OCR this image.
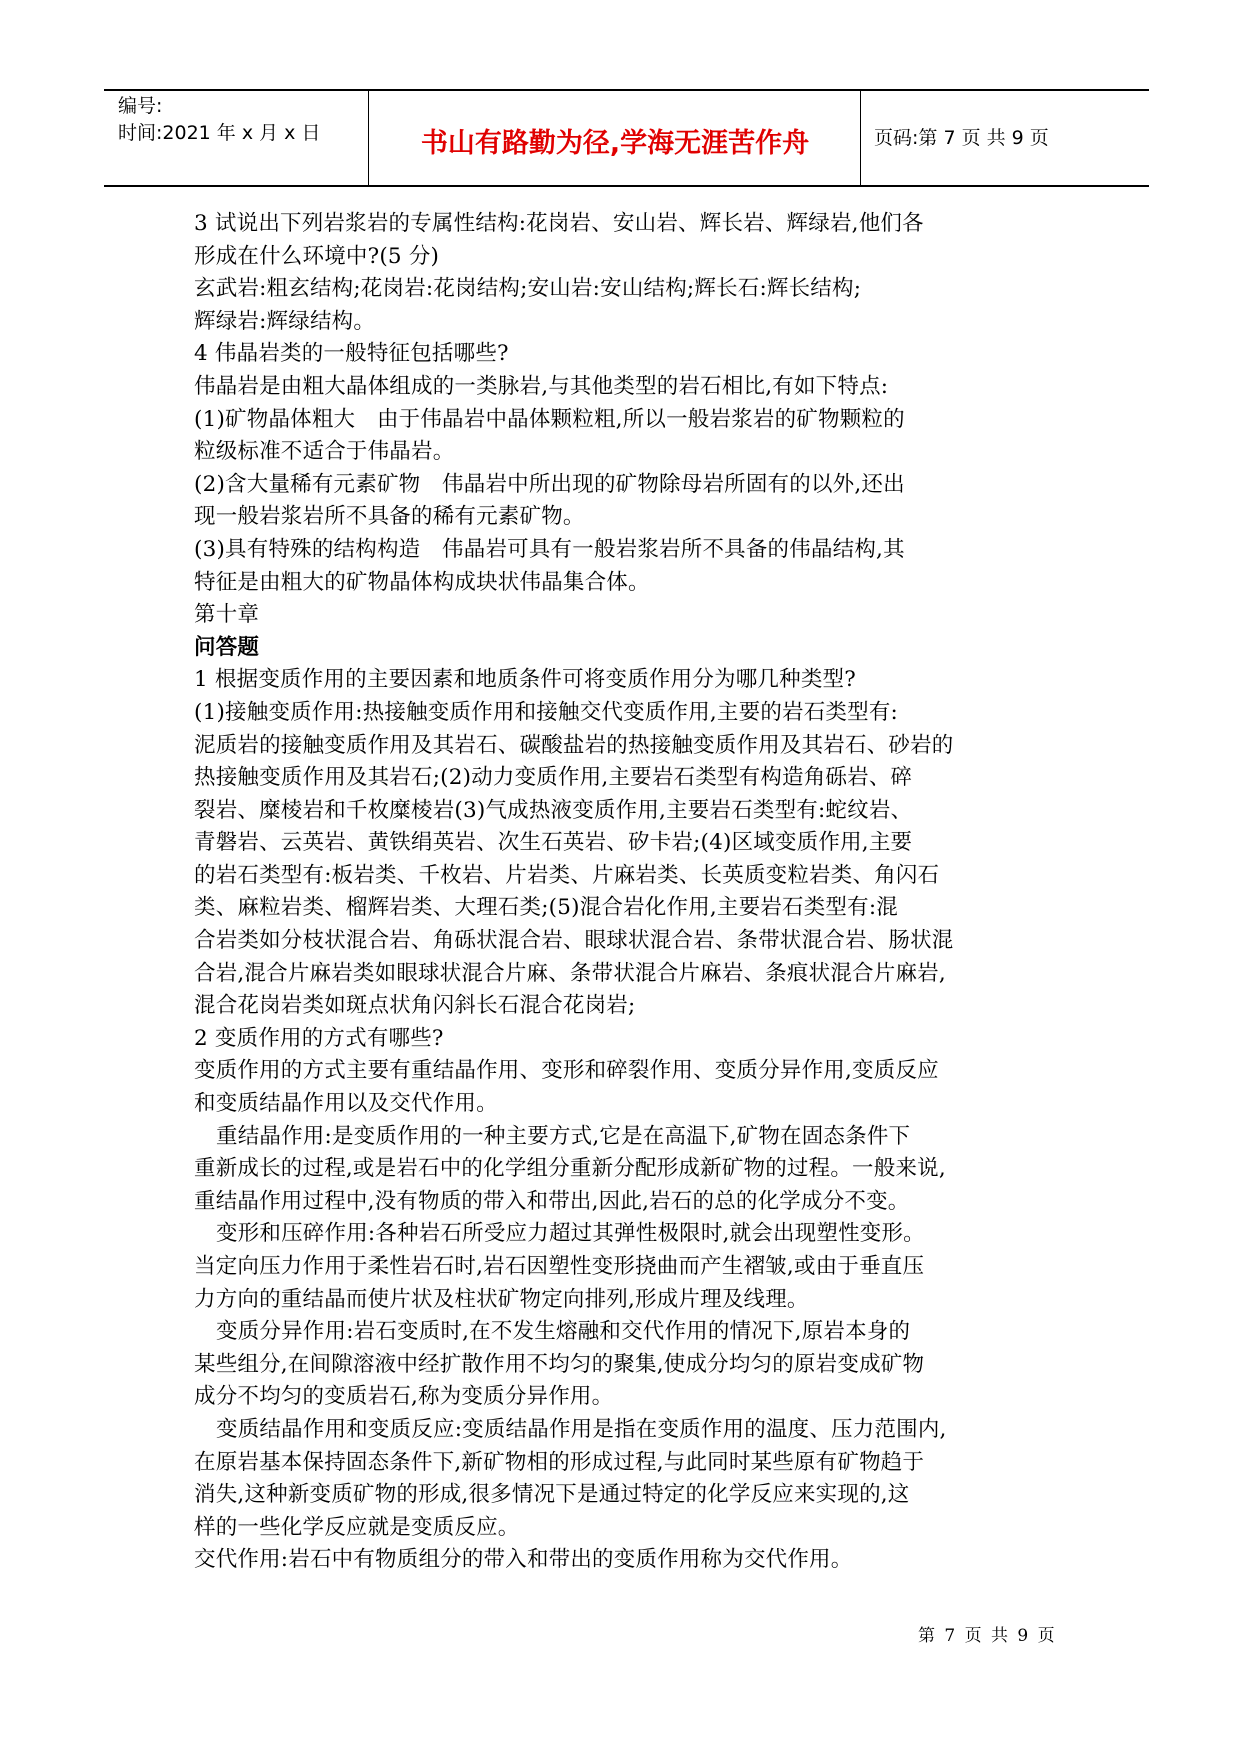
编号:
时间:2021 年 x 月 x 日	书山有路勤为径,学海无涯苦作舟	页码:第 7 页 共 9 页

3 试说出下列岩浆岩的专属性结构:花岗岩、安山岩、辉长岩、辉绿岩,他们各

形成在什么环境中?(5 分)

玄武岩:粗玄结构;花岗岩:花岗结构;安山岩:安山结构;辉长石:辉长结构;

辉绿岩:辉绿结构。

4 伟晶岩类的一般特征包括哪些?

伟晶岩是由粗大晶体组成的一类脉岩,与其他类型的岩石相比,有如下特点:

(1)矿物晶体粗大　由于伟晶岩中晶体颗粒粗,所以一般岩浆岩的矿物颗粒的

粒级标准不适合于伟晶岩。

(2)含大量稀有元素矿物　伟晶岩中所出现的矿物除母岩所固有的以外,还出

现一般岩浆岩所不具备的稀有元素矿物。

(3)具有特殊的结构构造　伟晶岩可具有一般岩浆岩所不具备的伟晶结构,其

特征是由粗大的矿物晶体构成块状伟晶集合体。

第十章

问答题

1 根据变质作用的主要因素和地质条件可将变质作用分为哪几种类型?

(1)接触变质作用:热接触变质作用和接触交代变质作用,主要的岩石类型有:

泥质岩的接触变质作用及其岩石、碳酸盐岩的热接触变质作用及其岩石、砂岩的

热接触变质作用及其岩石;(2)动力变质作用,主要岩石类型有构造角砾岩、碎

裂岩、糜棱岩和千枚糜棱岩(3)气成热液变质作用,主要岩石类型有:蛇纹岩、

青磐岩、云英岩、黄铁绢英岩、次生石英岩、矽卡岩;(4)区域变质作用,主要

的岩石类型有:板岩类、千枚岩、片岩类、片麻岩类、长英质变粒岩类、角闪石

类、麻粒岩类、榴辉岩类、大理石类;(5)混合岩化作用,主要岩石类型有:混

合岩类如分枝状混合岩、角砾状混合岩、眼球状混合岩、条带状混合岩、肠状混

合岩,混合片麻岩类如眼球状混合片麻、条带状混合片麻岩、条痕状混合片麻岩,

混合花岗岩类如斑点状角闪斜长石混合花岗岩;

2 变质作用的方式有哪些?

变质作用的方式主要有重结晶作用、变形和碎裂作用、变质分异作用,变质反应

和变质结晶作用以及交代作用。

重结晶作用:是变质作用的一种主要方式,它是在高温下,矿物在固态条件下

重新成长的过程,或是岩石中的化学组分重新分配形成新矿物的过程。一般来说,

重结晶作用过程中,没有物质的带入和带出,因此,岩石的总的化学成分不变。

变形和压碎作用:各种岩石所受应力超过其弹性极限时,就会出现塑性变形。

当定向压力作用于柔性岩石时,岩石因塑性变形挠曲而产生褶皱,或由于垂直压

力方向的重结晶而使片状及柱状矿物定向排列,形成片理及线理。

变质分异作用:岩石变质时,在不发生熔融和交代作用的情况下,原岩本身的

某些组分,在间隙溶液中经扩散作用不均匀的聚集,使成分均匀的原岩变成矿物

成分不均匀的变质岩石,称为变质分异作用。

变质结晶作用和变质反应:变质结晶作用是指在变质作用的温度、压力范围内,

在原岩基本保持固态条件下,新矿物相的形成过程,与此同时某些原有矿物趋于

消失,这种新变质矿物的形成,很多情况下是通过特定的化学反应来实现的,这

样的一些化学反应就是变质反应。

交代作用:岩石中有物质组分的带入和带出的变质作用称为交代作用。

第 7 页 共 9 页
